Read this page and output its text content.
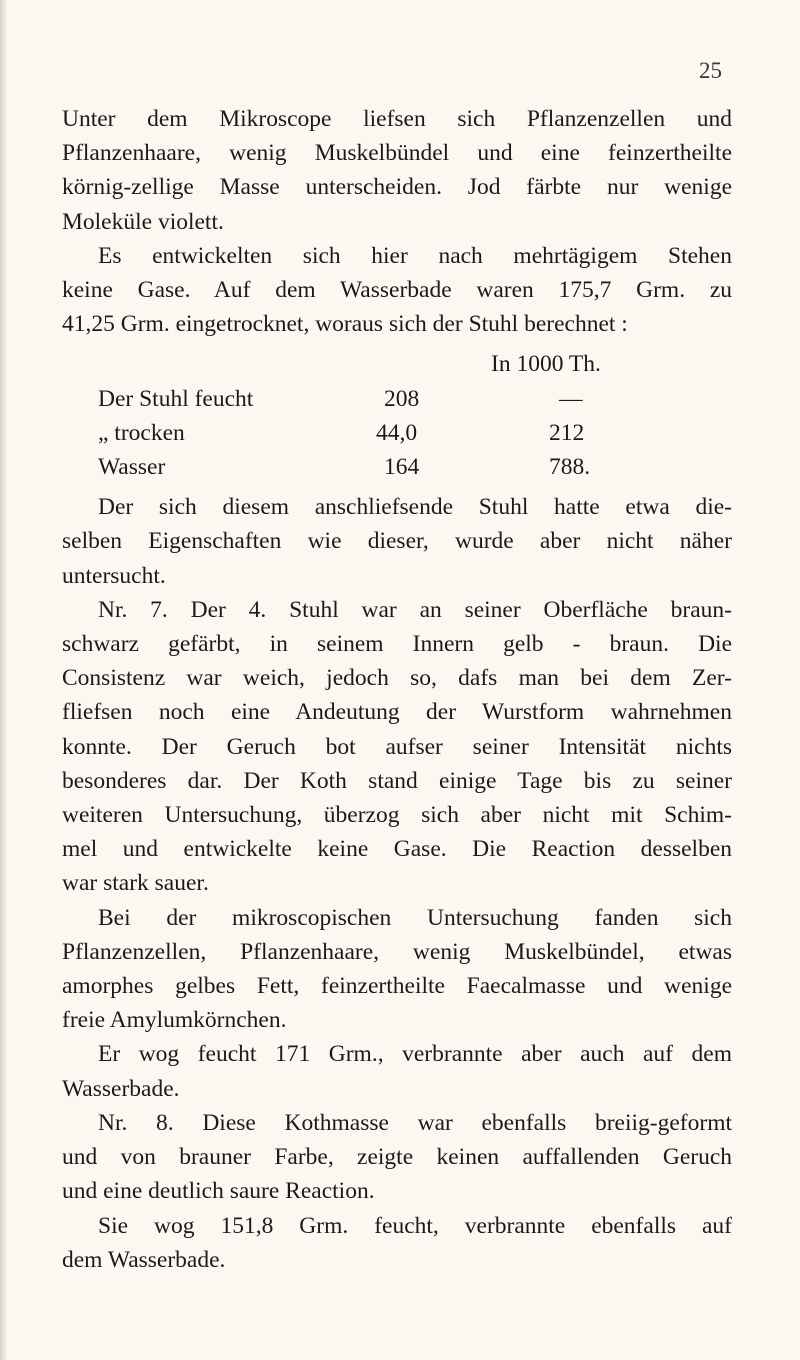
25
Unter dem Mikroscope liefsen sich Pflanzenzellen und
Pflanzenhaare, wenig Muskelbündel und eine feinzertheilte
körnig-zellige Masse unterscheiden. Jod färbte nur wenige
Moleküle violett.
Es entwickelten sich hier nach mehrtägigem Stehen
keine Gase. Auf dem Wasserbade waren 175,7 Grm. zu
41,25 Grm. eingetrocknet, woraus sich der Stuhl berechnet :
		In 1000 Th.
Der Stuhl feucht	208	—
„ trocken	44,0	212
Wasser	164	788.
Der sich diesem anschliefsende Stuhl hatte etwa die-
selben Eigenschaften wie dieser, wurde aber nicht näher
untersucht.
Nr. 7. Der 4. Stuhl war an seiner Oberfläche braun-
schwarz gefärbt, in seinem Innern gelb - braun. Die
Consistenz war weich, jedoch so, dafs man bei dem Zer-
fliefsen noch eine Andeutung der Wurstform wahrnehmen
konnte. Der Geruch bot aufser seiner Intensität nichts
besonderes dar. Der Koth stand einige Tage bis zu seiner
weiteren Untersuchung, überzog sich aber nicht mit Schim-
mel und entwickelte keine Gase. Die Reaction desselben
war stark sauer.
Bei der mikroscopischen Untersuchung fanden sich
Pflanzenzellen, Pflanzenhaare, wenig Muskelbündel, etwas
amorphes gelbes Fett, feinzertheilte Faecalmasse und wenige
freie Amylumkörnchen.
Er wog feucht 171 Grm., verbrannte aber auch auf dem
Wasserbade.
Nr. 8. Diese Kothmasse war ebenfalls breiig-geformt
und von brauner Farbe, zeigte keinen auffallenden Geruch
und eine deutlich saure Reaction.
Sie wog 151,8 Grm. feucht, verbrannte ebenfalls auf
dem Wasserbade.
